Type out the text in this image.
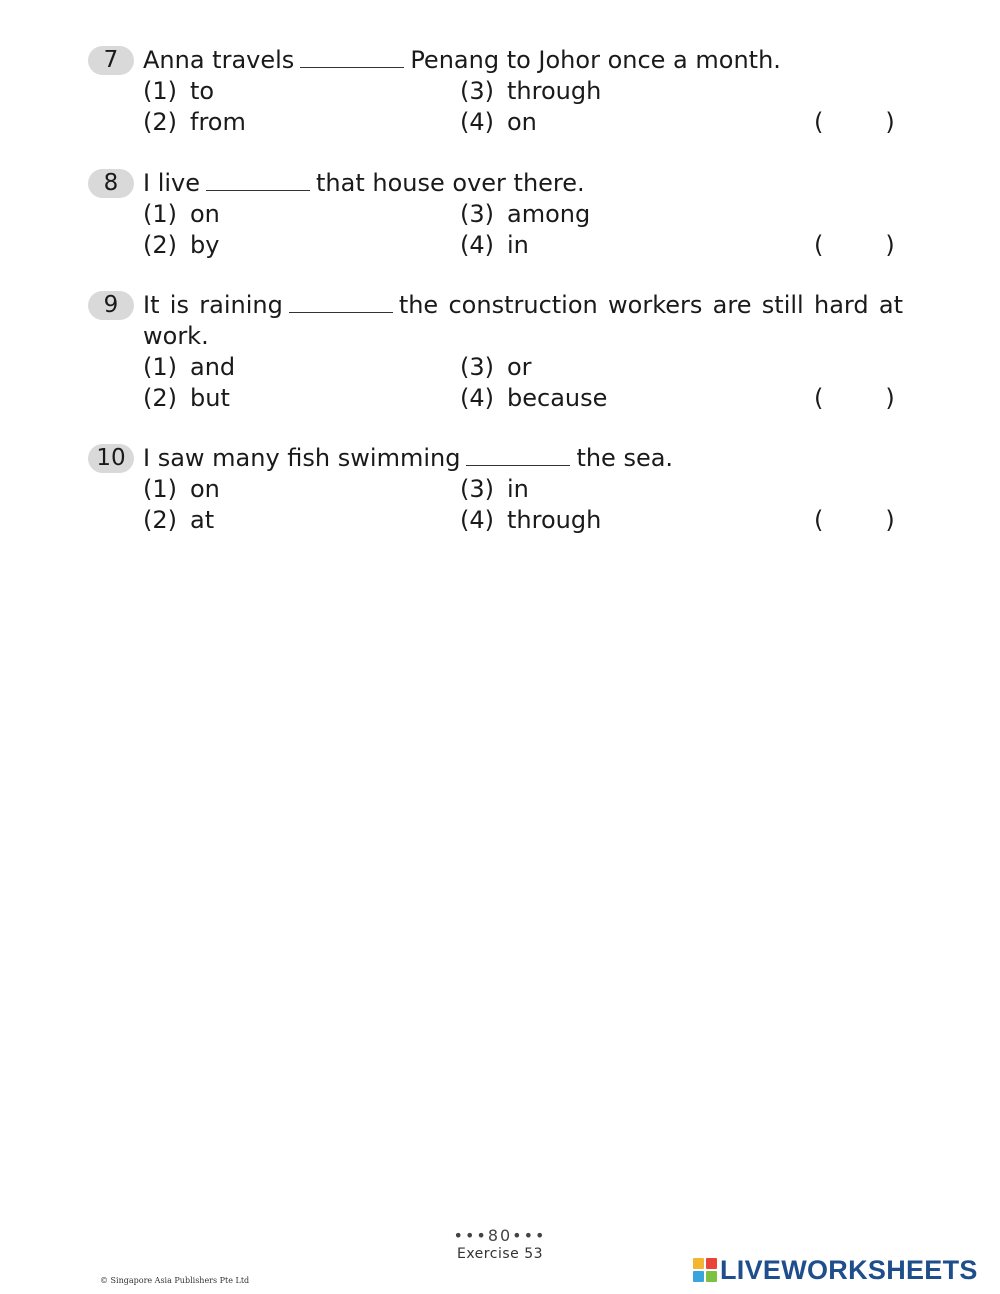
7	Anna travels	Penang to Johor once a month.
(1) to
(2) from
(3) through
(4) on	(	)
8	I live	that house over there.
(1) on
(2) by
(3) among
(4) in	(	)
9	It is raining	the construction workers are still hard at work.
(1) and
(2) but
(3) or
(4) because	(	)
10 I saw many fish swimming	the sea.
(1) on
(2) at
(3) in
(4) through	(	)
•••80•••
Exercise 53
© Singapore Asia Publishers Pte Ltd	LIVEWORKSHEETS
